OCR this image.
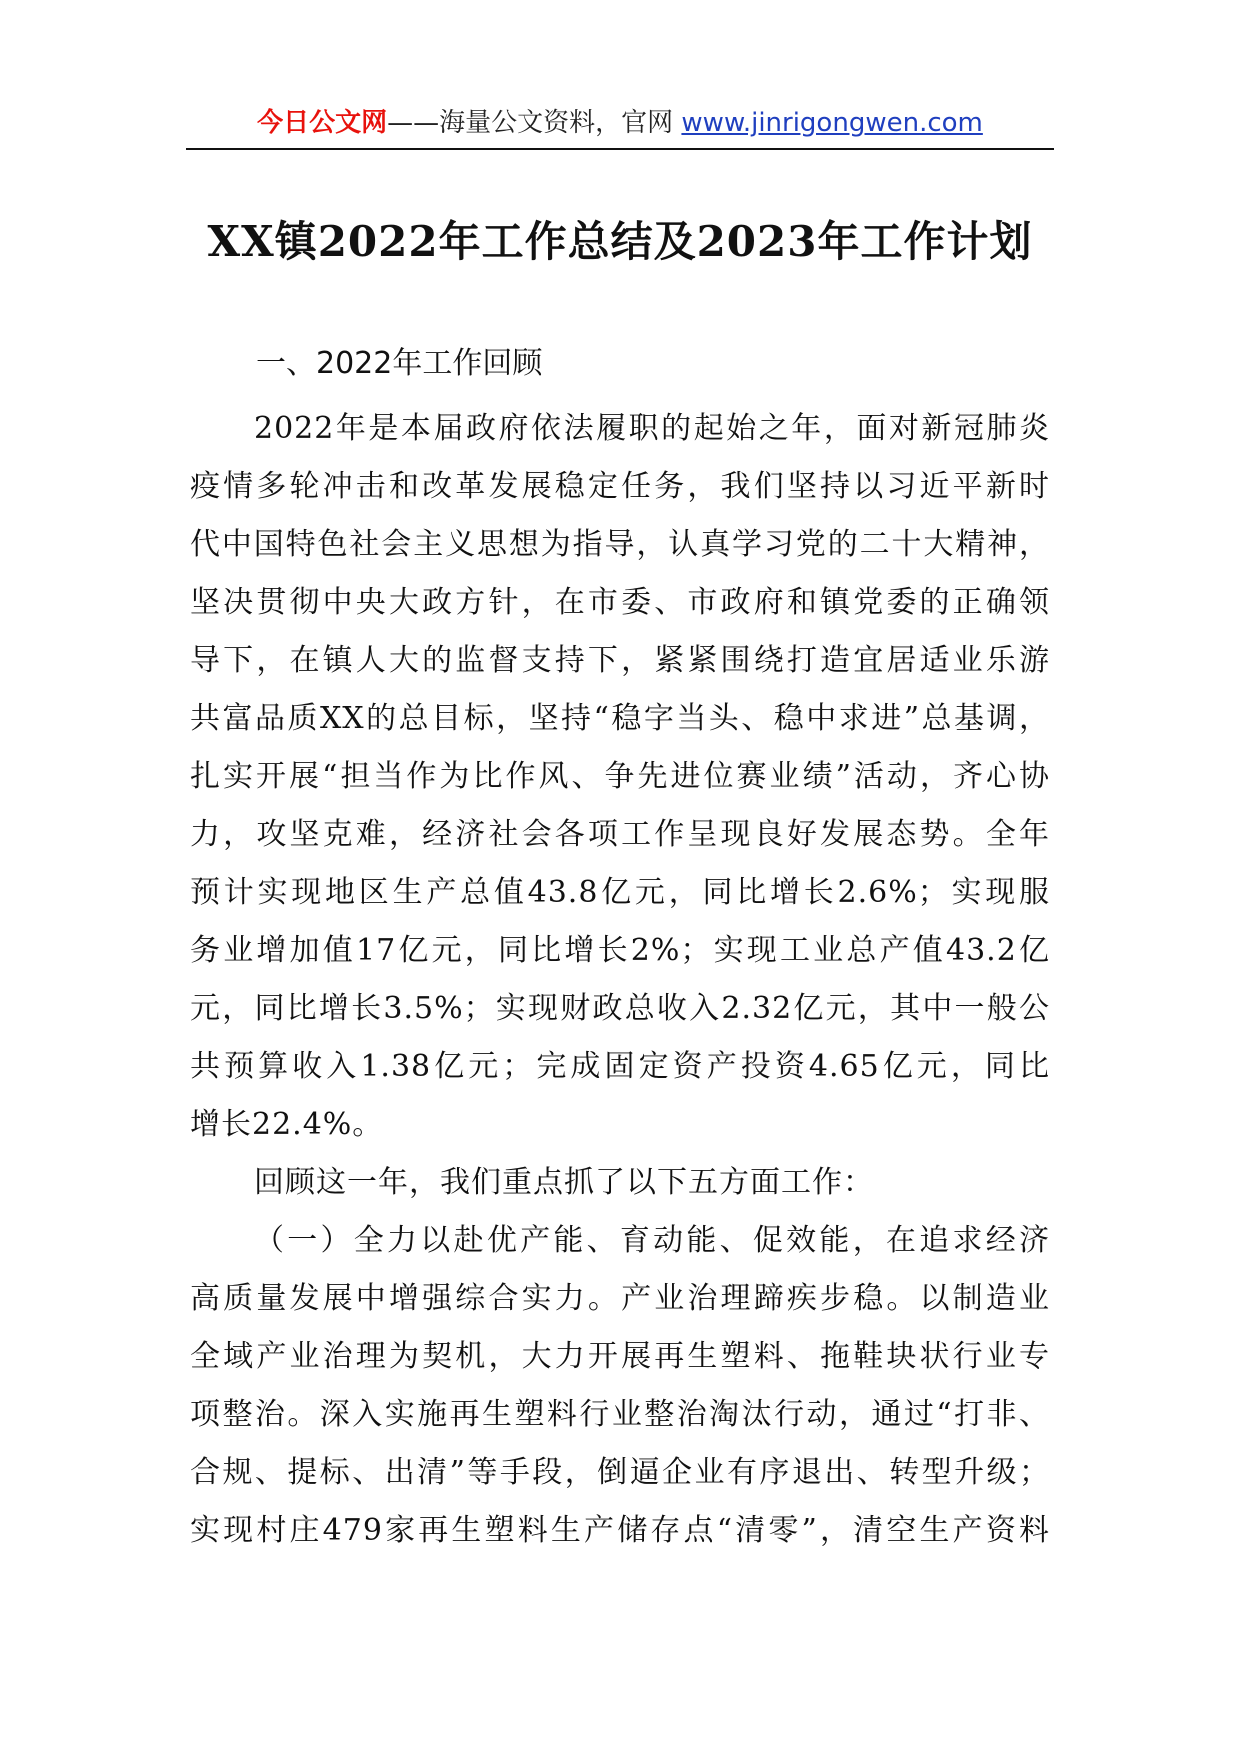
今日公文网——海量公文资料，官网 www.jinrigongwen.com
XX镇2022年工作总结及2023年工作计划
一、2022年工作回顾
2022年是本届政府依法履职的起始之年，面对新冠肺炎
疫情多轮冲击和改革发展稳定任务，我们坚持以习近平新时
代中国特色社会主义思想为指导，认真学习党的二十大精神，
坚决贯彻中央大政方针，在市委、市政府和镇党委的正确领
导下，在镇人大的监督支持下，紧紧围绕打造宜居适业乐游
共富品质XX的总目标，坚持“稳字当头、稳中求进”总基调，
扎实开展“担当作为比作风、争先进位赛业绩”活动，齐心协
力，攻坚克难，经济社会各项工作呈现良好发展态势。全年
预计实现地区生产总值43.8亿元，同比增长2.6%；实现服
务业增加值17亿元，同比增长2%；实现工业总产值43.2亿
元，同比增长3.5%；实现财政总收入2.32亿元，其中一般公
共预算收入1.38亿元；完成固定资产投资4.65亿元，同比
增长22.4%。
回顾这一年，我们重点抓了以下五方面工作：
（一）全力以赴优产能、育动能、促效能，在追求经济
高质量发展中增强综合实力。产业治理蹄疾步稳。以制造业
全域产业治理为契机，大力开展再生塑料、拖鞋块状行业专
项整治。深入实施再生塑料行业整治淘汰行动，通过“打非、
合规、提标、出清”等手段，倒逼企业有序退出、转型升级；
实现村庄479家再生塑料生产储存点“清零”，清空生产资料
